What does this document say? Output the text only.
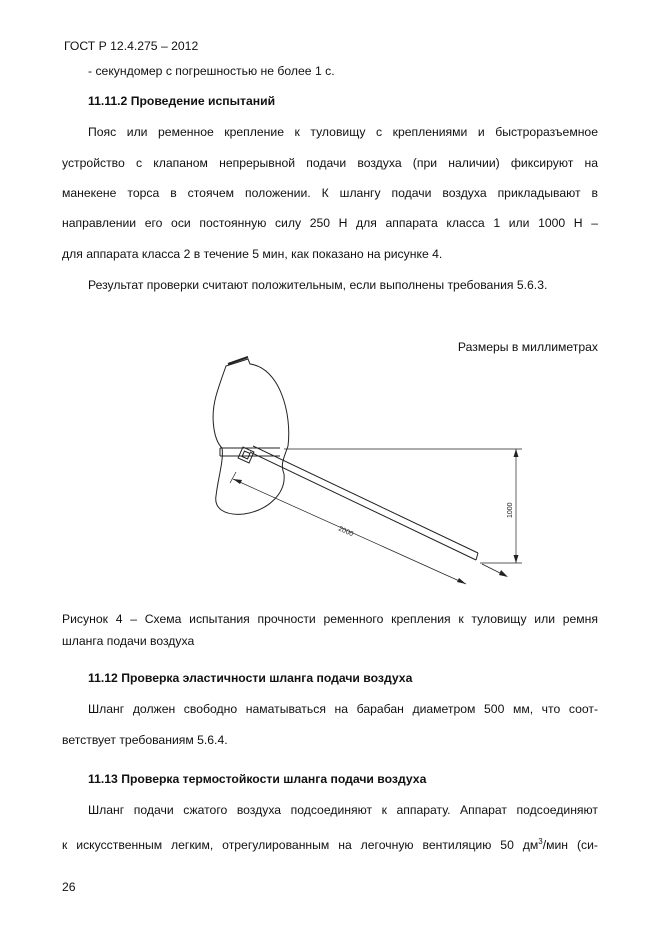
ГОСТ Р 12.4.275 – 2012
- секундомер с погрешностью не более 1 с.
11.11.2 Проведение испытаний
Пояс или ременное крепление к туловищу с креплениями и быстроразъемное
устройство с клапаном непрерывной подачи воздуха (при наличии) фиксируют на
манекене торса в стоячем положении. К шлангу подачи воздуха прикладывают в
направлении его оси постоянную силу 250 Н для аппарата класса 1 или 1000 Н –
для аппарата класса 2 в течение 5 мин, как показано на рисунке 4.
Результат проверки считают положительным, если выполнены требования 5.6.3.
Размеры в миллиметрах
2000
1000
Рисунок 4 – Схема испытания прочности ременного крепления к туловищу или ремня
шланга подачи воздуха
11.12 Проверка эластичности шланга подачи воздуха
Шланг должен свободно наматываться на барабан диаметром 500 мм, что соот-
ветствует требованиям 5.6.4.
11.13 Проверка термостойкости шланга подачи воздуха
Шланг подачи сжатого воздуха подсоединяют к аппарату. Аппарат подсоединяют
к искусственным легким, отрегулированным на легочную вентиляцию 50 $дм^3$/мин (си-
26
